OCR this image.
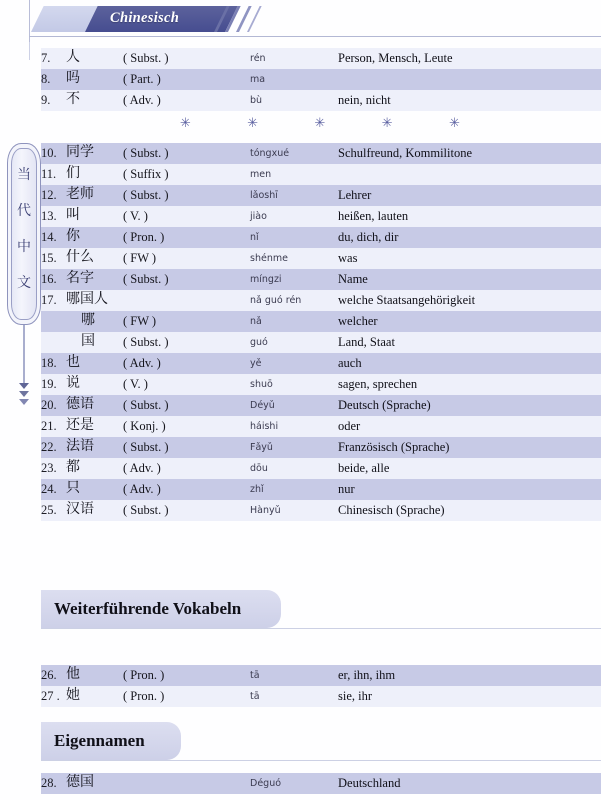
Chinesisch
当
代
中
文
7.	人	( Subst. )	rén	Person, Mensch, Leute
8.	吗	( Part. )	ma
9.	不	( Adv. )	bù	nein, nicht
✳	✳	✳	✳	✳
10. 同学 ( Subst. )	tóngxué	Schulfreund, Kommilitone
11. 们	( Suffix )	men
12. 老师 ( Subst. )	lǎoshī	Lehrer
13. 叫	( V. )	jiào	heißen, lauten
14. 你	( Pron. )	nǐ	du, dich, dir
15. 什么 ( FW )	shénme	was
16. 名字 ( Subst. )	míngzi	Name
17. 哪国人	nǎ guó rén	welche Staatsangehörigkeit
哪 ( FW )	nǎ	welcher
国 ( Subst. )	guó	Land, Staat
18. 也	( Adv. )	yě	auch
19. 说	( V. )	shuō	sagen, sprechen
20. 德语 ( Subst. )	Déyǔ	Deutsch (Sprache)
21. 还是 ( Konj. )	háishi	oder
22. 法语 ( Subst. )	Fǎyǔ	Französisch (Sprache)
23. 都	( Adv. )	dōu	beide, alle
24. 只	( Adv. )	zhǐ	nur
25. 汉语 ( Subst. )	Hànyǔ	Chinesisch (Sprache)
Weiterführende Vokabeln
26. 他	( Pron. )	tā	er, ihn, ihm
27 . 她	( Pron. )	tā	sie, ihr
Eigennamen
28. 德国	Déguó	Deutschland
